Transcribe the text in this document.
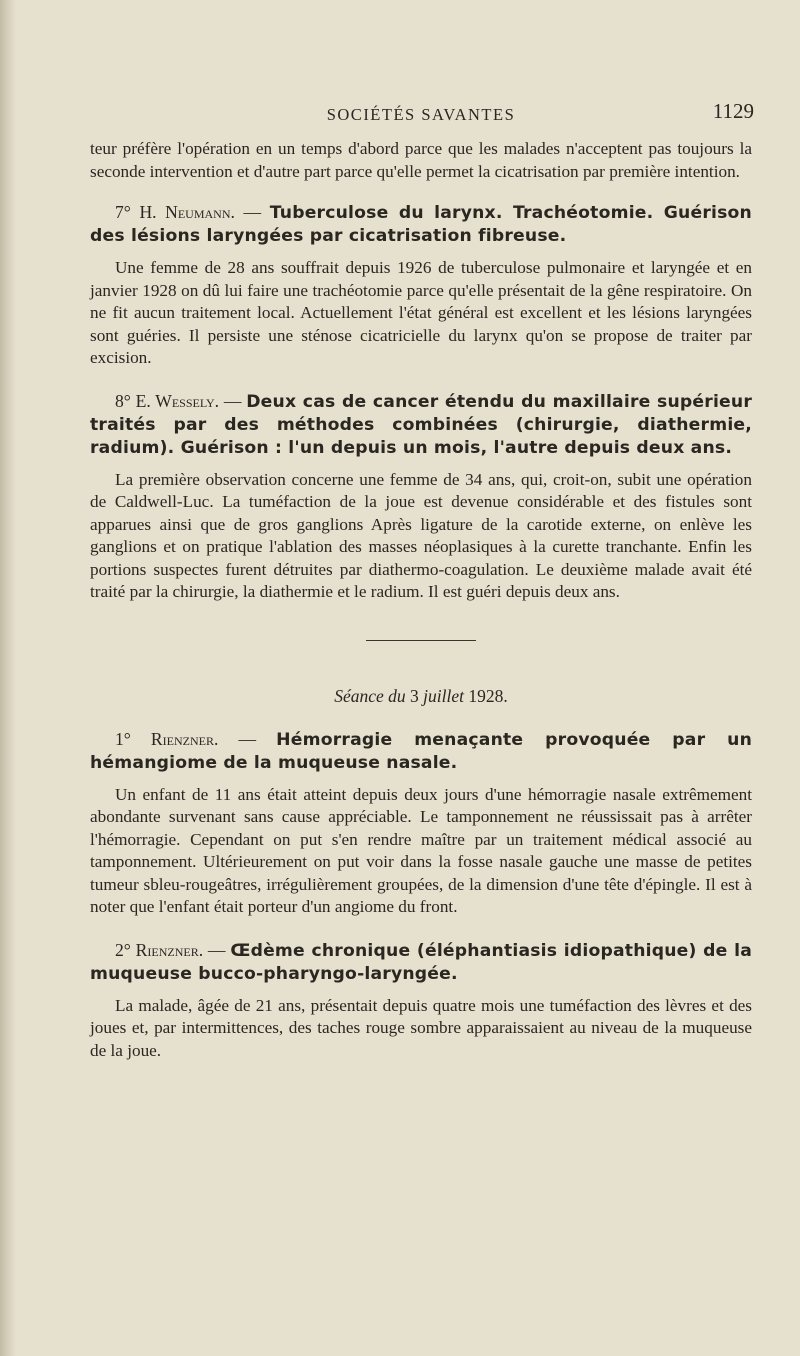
SOCIÉTÉS SAVANTES	1129

teur préfère l'opération en un temps d'abord parce que les malades n'acceptent pas toujours la seconde intervention et d'autre part parce qu'elle permet la cicatrisation par première intention.

7° H. Neumann. — Tuberculose du larynx. Trachéotomie. Guérison des lésions laryngées par cicatrisation fibreuse.

Une femme de 28 ans souffrait depuis 1926 de tuberculose pulmonaire et laryngée et en janvier 1928 on dû lui faire une trachéotomie parce qu'elle présentait de la gêne respiratoire. On ne fit aucun traitement local. Actuellement l'état général est excellent et les lésions laryngées sont guéries. Il persiste une sténose cicatricielle du larynx qu'on se propose de traiter par excision.

8° E. Wessely. — Deux cas de cancer étendu du maxillaire supérieur traités par des méthodes combinées (chirurgie, diathermie, radium). Guérison : l'un depuis un mois, l'autre depuis deux ans.

La première observation concerne une femme de 34 ans, qui, croit-on, subit une opération de Caldwell-Luc. La tuméfaction de la joue est devenue considérable et des fistules sont apparues ainsi que de gros ganglions Après ligature de la carotide externe, on enlève les ganglions et on pratique l'ablation des masses néoplasiques à la curette tranchante. Enfin les portions suspectes furent détruites par diathermo-coagulation. Le deuxième malade avait été traité par la chirurgie, la diathermie et le radium. Il est guéri depuis deux ans.

Séance du 3 juillet 1928.
1° Rienzner. — Hémorragie menaçante provoquée par un hémangiome de la muqueuse nasale.

Un enfant de 11 ans était atteint depuis deux jours d'une hémorragie nasale extrêmement abondante survenant sans cause appréciable. Le tamponnement ne réussissait pas à arrêter l'hémorragie. Cependant on put s'en rendre maître par un traitement médical associé au tamponnement. Ultérieurement on put voir dans la fosse nasale gauche une masse de petites tumeur sbleu-rougeâtres, irrégulièrement groupées, de la dimension d'une tête d'épingle. Il est à noter que l'enfant était porteur d'un angiome du front.

2° Rienzner. — Œdème chronique (éléphantiasis idiopathique) de la muqueuse bucco-pharyngo-laryngée.

La malade, âgée de 21 ans, présentait depuis quatre mois une tuméfaction des lèvres et des joues et, par intermittences, des taches rouge sombre apparaissaient au niveau de la muqueuse de la joue.
